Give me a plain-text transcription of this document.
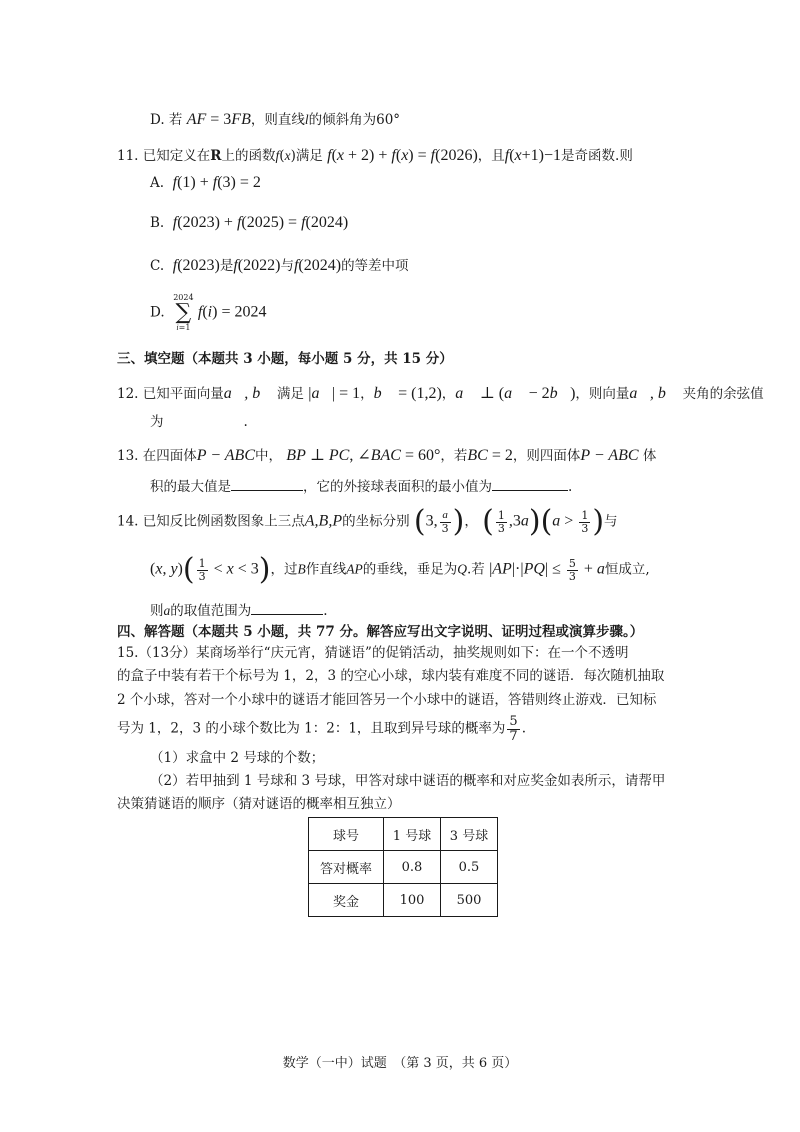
D. 若 AF = 3FB，则直线l的倾斜角为60°
11. 已知定义在R上的函数f(x)满足 f(x + 2) + f(x) = f(2026)，且f(x+1)−1是奇函数.则
A.  f(1) + f(3) = 2
B.  f(2023) + f(2025) = f(2024)
C.  f(2023)是f(2022)与f(2024)的等差中项
D.
2024
∑
i=1
f(i) = 2024
三、填空题（本题共 3 小题，每小题 5 分，共 15 分）
12. 已知平面向量a⃗, b⃗ 满足 |a⃗| = 1，b⃗ = (1,2)，a⃗ ⊥ (a⃗ − 2b⃗)，则向量a⃗, b⃗ 夹角的余弦值
为	.
13. 在四面体P − ABC中， BP ⊥ PC, ∠BAC = 60°，若BC = 2，则四面体P − ABC 体
积的最大值是	，它的外接球表面积的最小值为	.
14. 已知反比例函数图象上三点A,B,P的坐标分别 (3, $\frac{a}{3}$ )， ( $\frac{1}{3} ,3a)(a > \frac{1}{3}$ )与
(x, $y)( \frac{1}{3} < x < 3)$，过B作直线AP的垂线，垂足为Q.若 $|AP|\cdot|PQ| \le \frac{5}{3} + a$恒成立,
则a的取值范围为	.
四、解答题（本题共 5 小题，共 77 分。解答应写出文字说明、证明过程或演算步骤。）
15.（13分）某商场举行“庆元宵，猜谜语”的促销活动，抽奖规则如下：在一个不透明
的盒子中装有若干个标号为 1，2，3 的空心小球，球内装有难度不同的谜语．每次随机抽取
2 个小球，答对一个小球中的谜语才能回答另一个小球中的谜语，答错则终止游戏．已知标
号为 1，2，3 的小球个数比为 1：2：1，且取到异号球的概率为 $\frac{5}{7}$ .
（1）求盒中 2 号球的个数；
（2）若甲抽到 1 号球和 3 号球，甲答对球中谜语的概率和对应奖金如表所示，请帮甲
决策猜谜语的顺序（猜对谜语的概率相互独立）
球号	1 号球	3 号球
答对概率	0.8	0.5
奖金	100	500
数学（一中）试题　（第 3 页，共 6 页）
